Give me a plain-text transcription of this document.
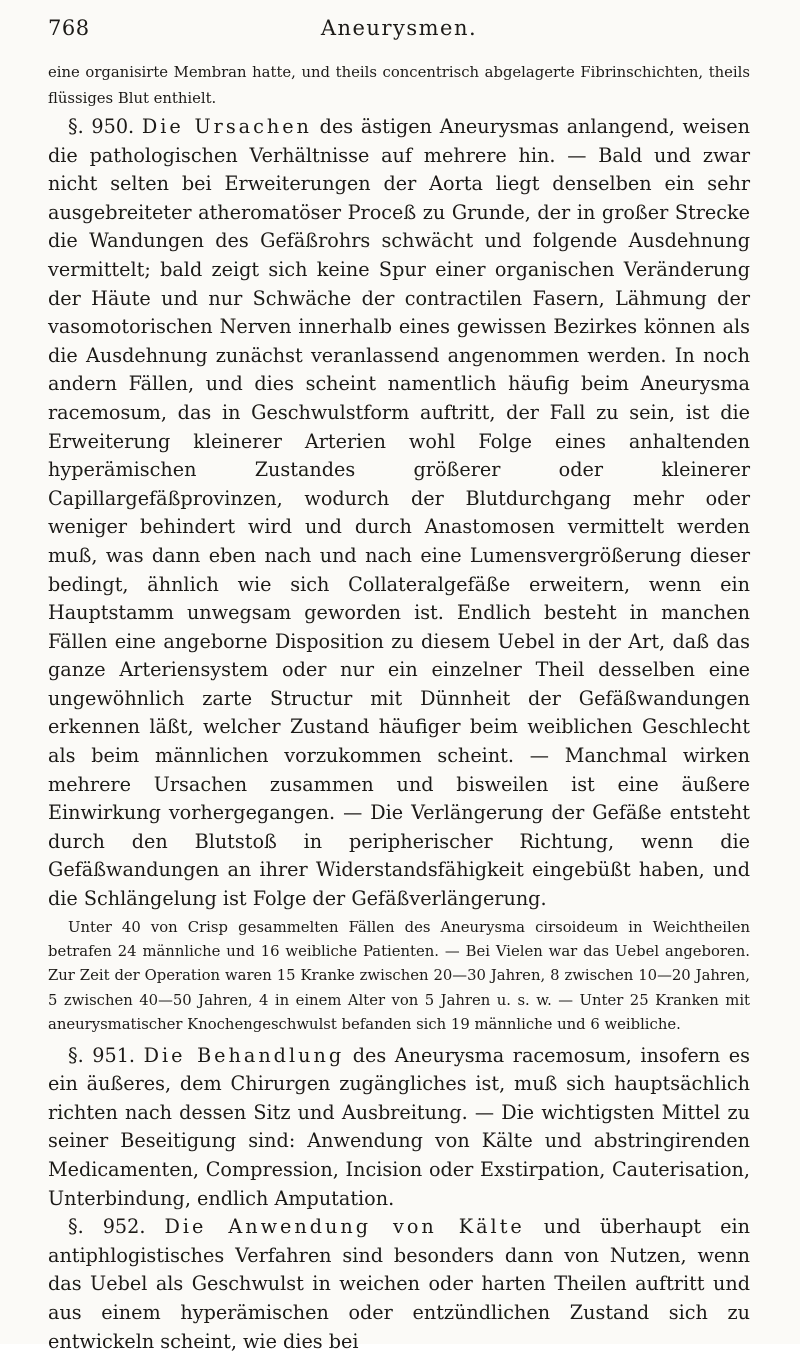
768	Aneurysmen.

eine organisirte Membran hatte, und theils concentrisch abgelagerte Fibrinschichten, theils flüssiges Blut enthielt.

§. 950. Die Ursachen des ästigen Aneurysmas anlangend, weisen die pathologischen Verhältnisse auf mehrere hin. — Bald und zwar nicht selten bei Erweiterungen der Aorta liegt denselben ein sehr ausgebreiteter atheromatöser Proceß zu Grunde, der in großer Strecke die Wandungen des Gefäßrohrs schwächt und folgende Ausdehnung vermittelt; bald zeigt sich keine Spur einer organischen Veränderung der Häute und nur Schwäche der contractilen Fasern, Lähmung der vasomotorischen Nerven innerhalb eines gewissen Bezirkes können als die Ausdehnung zunächst veranlassend angenommen werden. In noch andern Fällen, und dies scheint namentlich häufig beim Aneurysma racemosum, das in Geschwulstform auftritt, der Fall zu sein, ist die Erweiterung kleinerer Arterien wohl Folge eines anhaltenden hyperämischen Zustandes größerer oder kleinerer Capillargefäßprovinzen, wodurch der Blutdurchgang mehr oder weniger behindert wird und durch Anastomosen vermittelt werden muß, was dann eben nach und nach eine Lumensvergrößerung dieser bedingt, ähnlich wie sich Collateralgefäße erweitern, wenn ein Hauptstamm unwegsam geworden ist. Endlich besteht in manchen Fällen eine angeborne Disposition zu diesem Uebel in der Art, daß das ganze Arteriensystem oder nur ein einzelner Theil desselben eine ungewöhnlich zarte Structur mit Dünnheit der Gefäßwandungen erkennen läßt, welcher Zustand häufiger beim weiblichen Geschlecht als beim männlichen vorzukommen scheint. — Manchmal wirken mehrere Ursachen zusammen und bisweilen ist eine äußere Einwirkung vorhergegangen. — Die Verlängerung der Gefäße entsteht durch den Blutstoß in peripherischer Richtung, wenn die Gefäßwandungen an ihrer Widerstandsfähigkeit eingebüßt haben, und die Schlängelung ist Folge der Gefäßverlängerung.

Unter 40 von Crisp gesammelten Fällen des Aneurysma cirsoideum in Weichtheilen betrafen 24 männliche und 16 weibliche Patienten. — Bei Vielen war das Uebel angeboren. Zur Zeit der Operation waren 15 Kranke zwischen 20—30 Jahren, 8 zwischen 10—20 Jahren, 5 zwischen 40—50 Jahren, 4 in einem Alter von 5 Jahren u. s. w. — Unter 25 Kranken mit aneurysmatischer Knochengeschwulst befanden sich 19 männliche und 6 weibliche.

§. 951. Die Behandlung des Aneurysma racemosum, insofern es ein äußeres, dem Chirurgen zugängliches ist, muß sich hauptsächlich richten nach dessen Sitz und Ausbreitung. — Die wichtigsten Mittel zu seiner Beseitigung sind: Anwendung von Kälte und abstringirenden Medicamenten, Compression, Incision oder Exstirpation, Cauterisation, Unterbindung, endlich Amputation.

§. 952. Die Anwendung von Kälte und überhaupt ein antiphlogistisches Verfahren sind besonders dann von Nutzen, wenn das Uebel als Geschwulst in weichen oder harten Theilen auftritt und aus einem hyperämischen oder entzündlichen Zustand sich zu entwickeln scheint, wie dies bei
